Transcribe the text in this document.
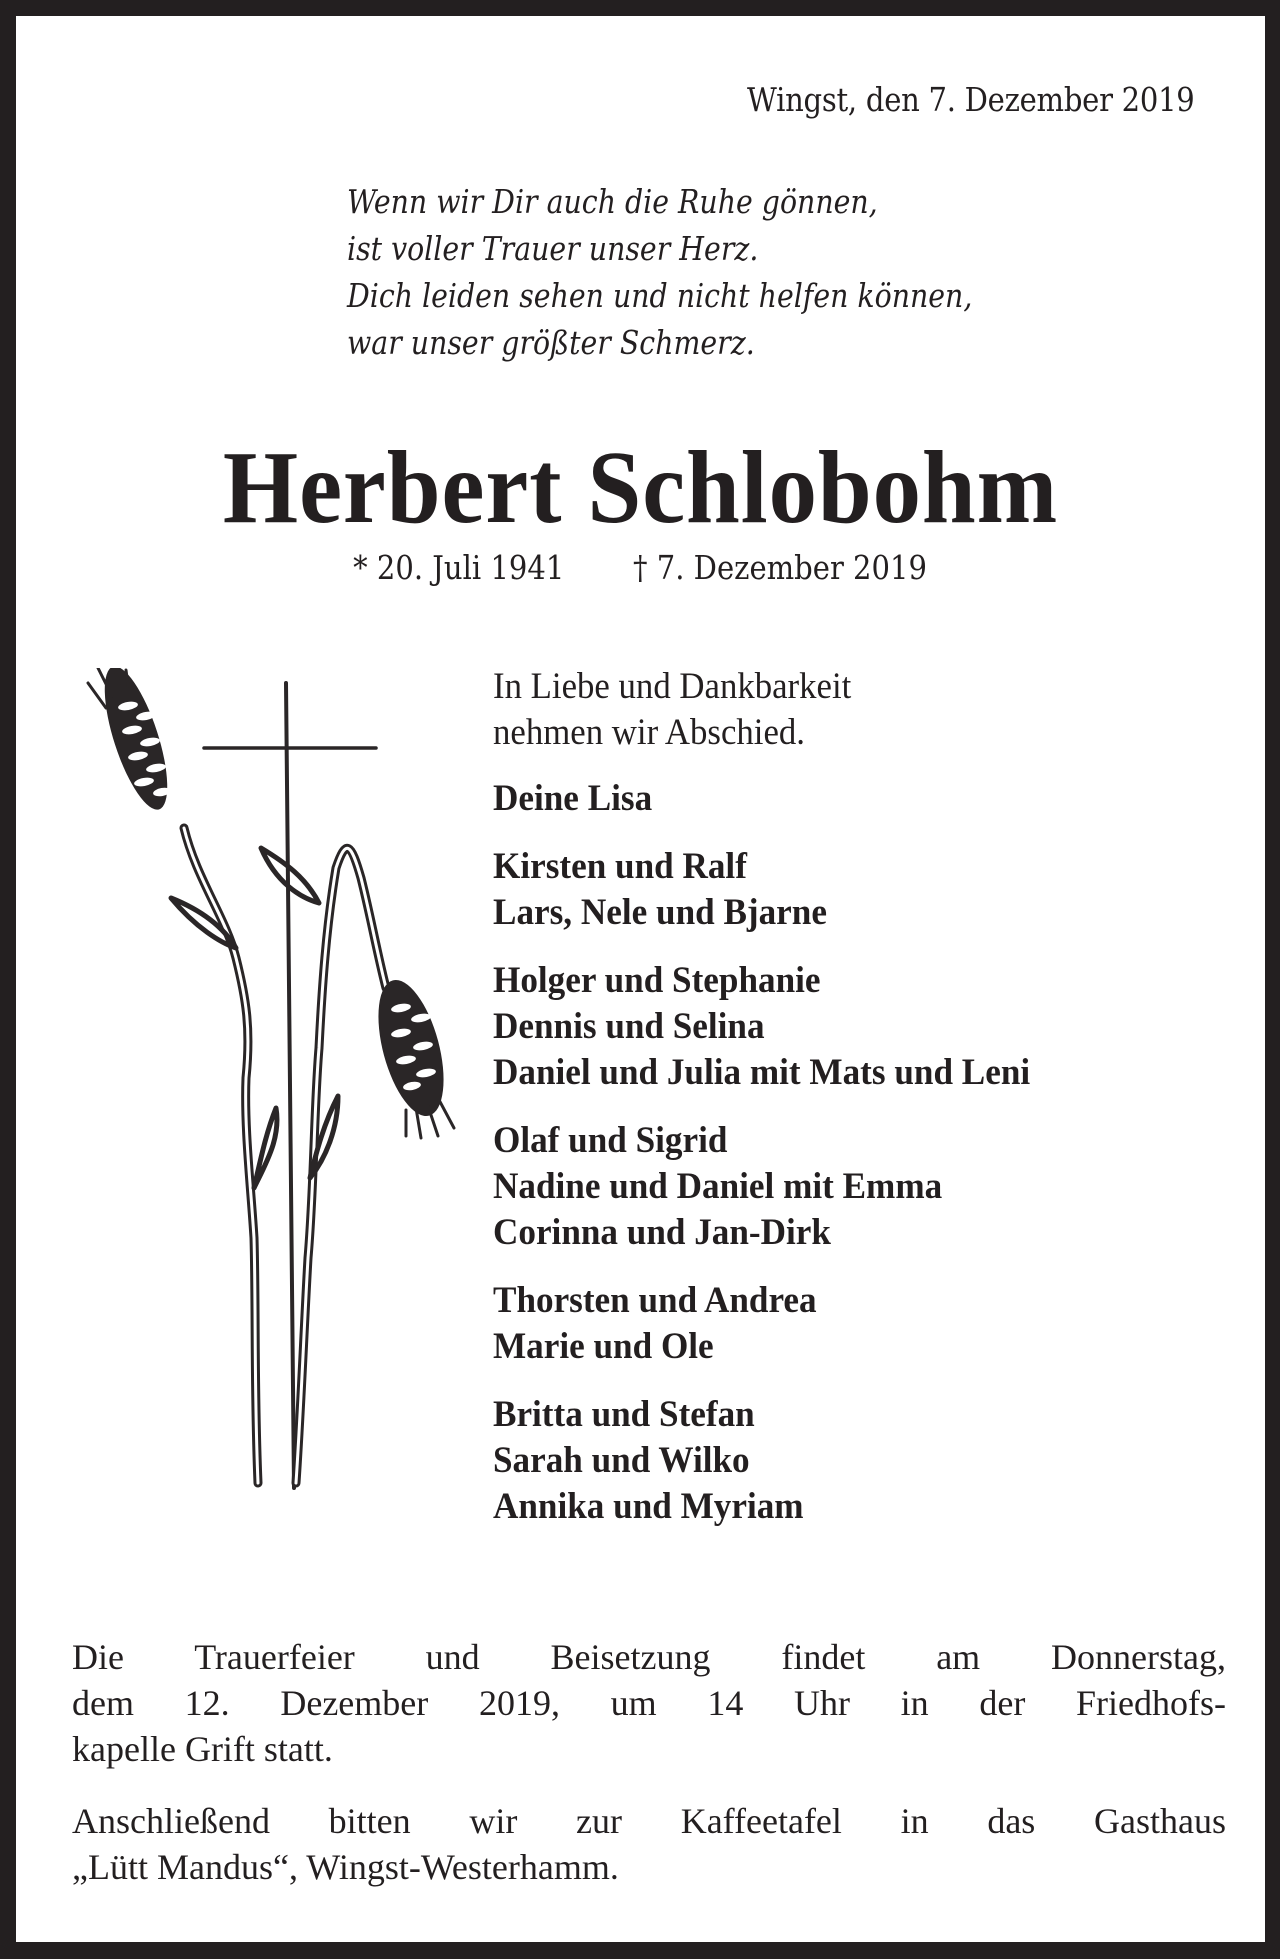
Wingst, den 7. Dezember 2019
Wenn wir Dir auch die Ruhe gönnen,
ist voller Trauer unser Herz.
Dich leiden sehen und nicht helfen können,
war unser größter Schmerz.
Herbert Schlobohm
* 20. Juli 1941 † 7. Dezember 2019
In Liebe und Dankbarkeit
nehmen wir Abschied.
Deine Lisa
Kirsten und Ralf
Lars, Nele und Bjarne
Holger und Stephanie
Dennis und Selina
Daniel und Julia mit Mats und Leni
Olaf und Sigrid
Nadine und Daniel mit Emma
Corinna und Jan-Dirk
Thorsten und Andrea
Marie und Ole
Britta und Stefan
Sarah und Wilko
Annika und Myriam
Die Trauerfeier und Beisetzung findet am Donnerstag,
dem 12. Dezember 2019, um 14 Uhr in der Friedhofs-
kapelle Grift statt.
Anschließend bitten wir zur Kaffeetafel in das Gasthaus
„Lütt Mandus“, Wingst-Westerhamm.
